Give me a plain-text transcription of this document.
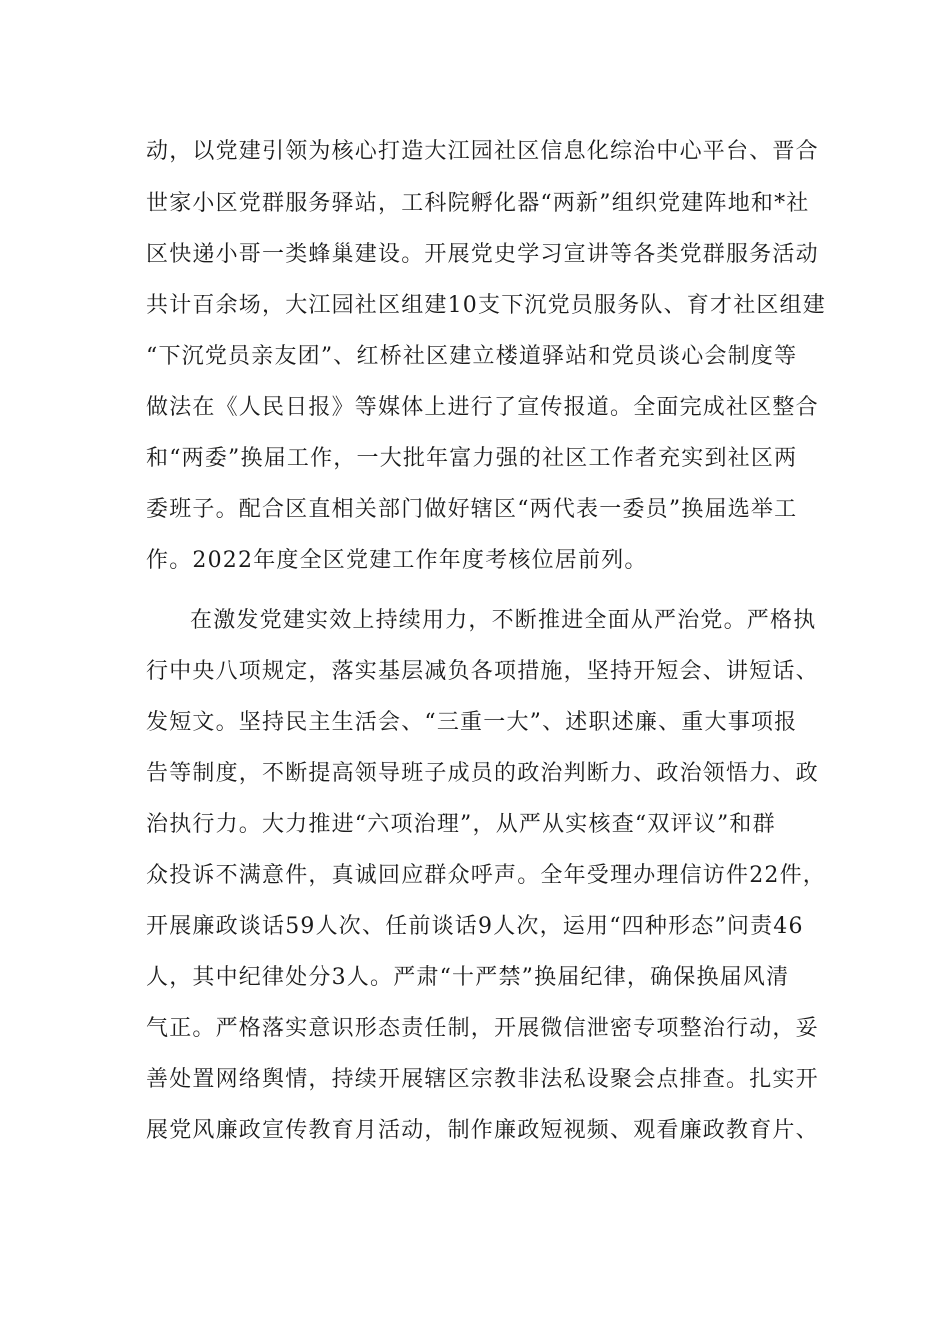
动，以党建引领为核心打造大江园社区信息化综治中心平台、晋合
世家小区党群服务驿站，工科院孵化器“两新”组织党建阵地和*社
区快递小哥一类蜂巢建设。开展党史学习宣讲等各类党群服务活动
共计百余场，大江园社区组建10支下沉党员服务队、育才社区组建
“下沉党员亲友团”、红桥社区建立楼道驿站和党员谈心会制度等
做法在《人民日报》等媒体上进行了宣传报道。全面完成社区整合
和“两委”换届工作，一大批年富力强的社区工作者充实到社区两
委班子。配合区直相关部门做好辖区“两代表一委员”换届选举工
作。2022年度全区党建工作年度考核位居前列。
在激发党建实效上持续用力，不断推进全面从严治党。严格执
行中央八项规定，落实基层减负各项措施，坚持开短会、讲短话、
发短文。坚持民主生活会、“三重一大”、述职述廉、重大事项报
告等制度，不断提高领导班子成员的政治判断力、政治领悟力、政
治执行力。大力推进“六项治理”，从严从实核查“双评议”和群
众投诉不满意件，真诚回应群众呼声。全年受理办理信访件22件，
开展廉政谈话59人次、任前谈话9人次，运用“四种形态”问责46
人，其中纪律处分3人。严肃“十严禁”换届纪律，确保换届风清
气正。严格落实意识形态责任制，开展微信泄密专项整治行动，妥
善处置网络舆情，持续开展辖区宗教非法私设聚会点排查。扎实开
展党风廉政宣传教育月活动，制作廉政短视频、观看廉政教育片、
